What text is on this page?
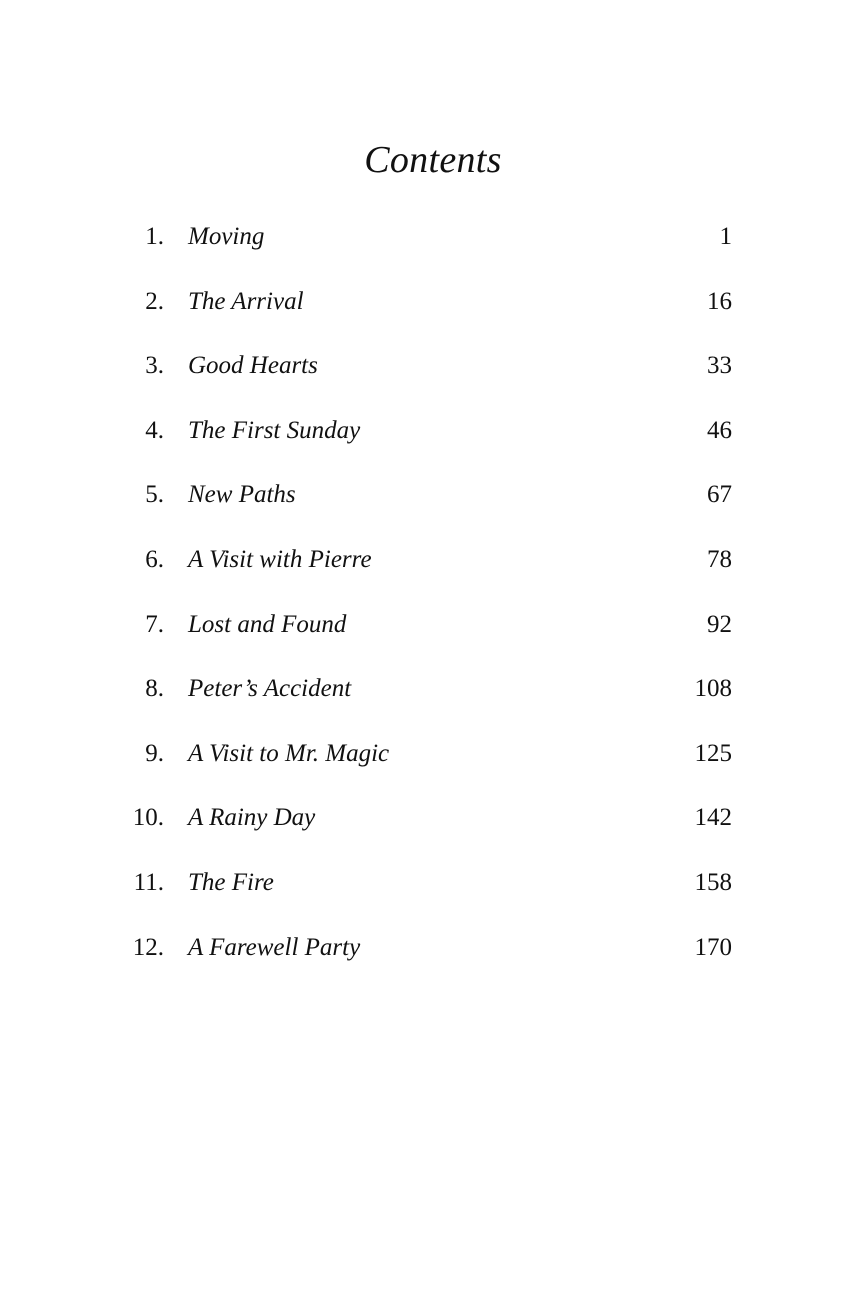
Contents
1. Moving	1
2. The Arrival	16
3. Good Hearts	33
4. The First Sunday	46
5. New Paths	67
6. A Visit with Pierre	78
7. Lost and Found	92
8. Peter’s Accident	108
9. A Visit to Mr. Magic	125
10. A Rainy Day	142
11. The Fire	158
12. A Farewell Party	170
